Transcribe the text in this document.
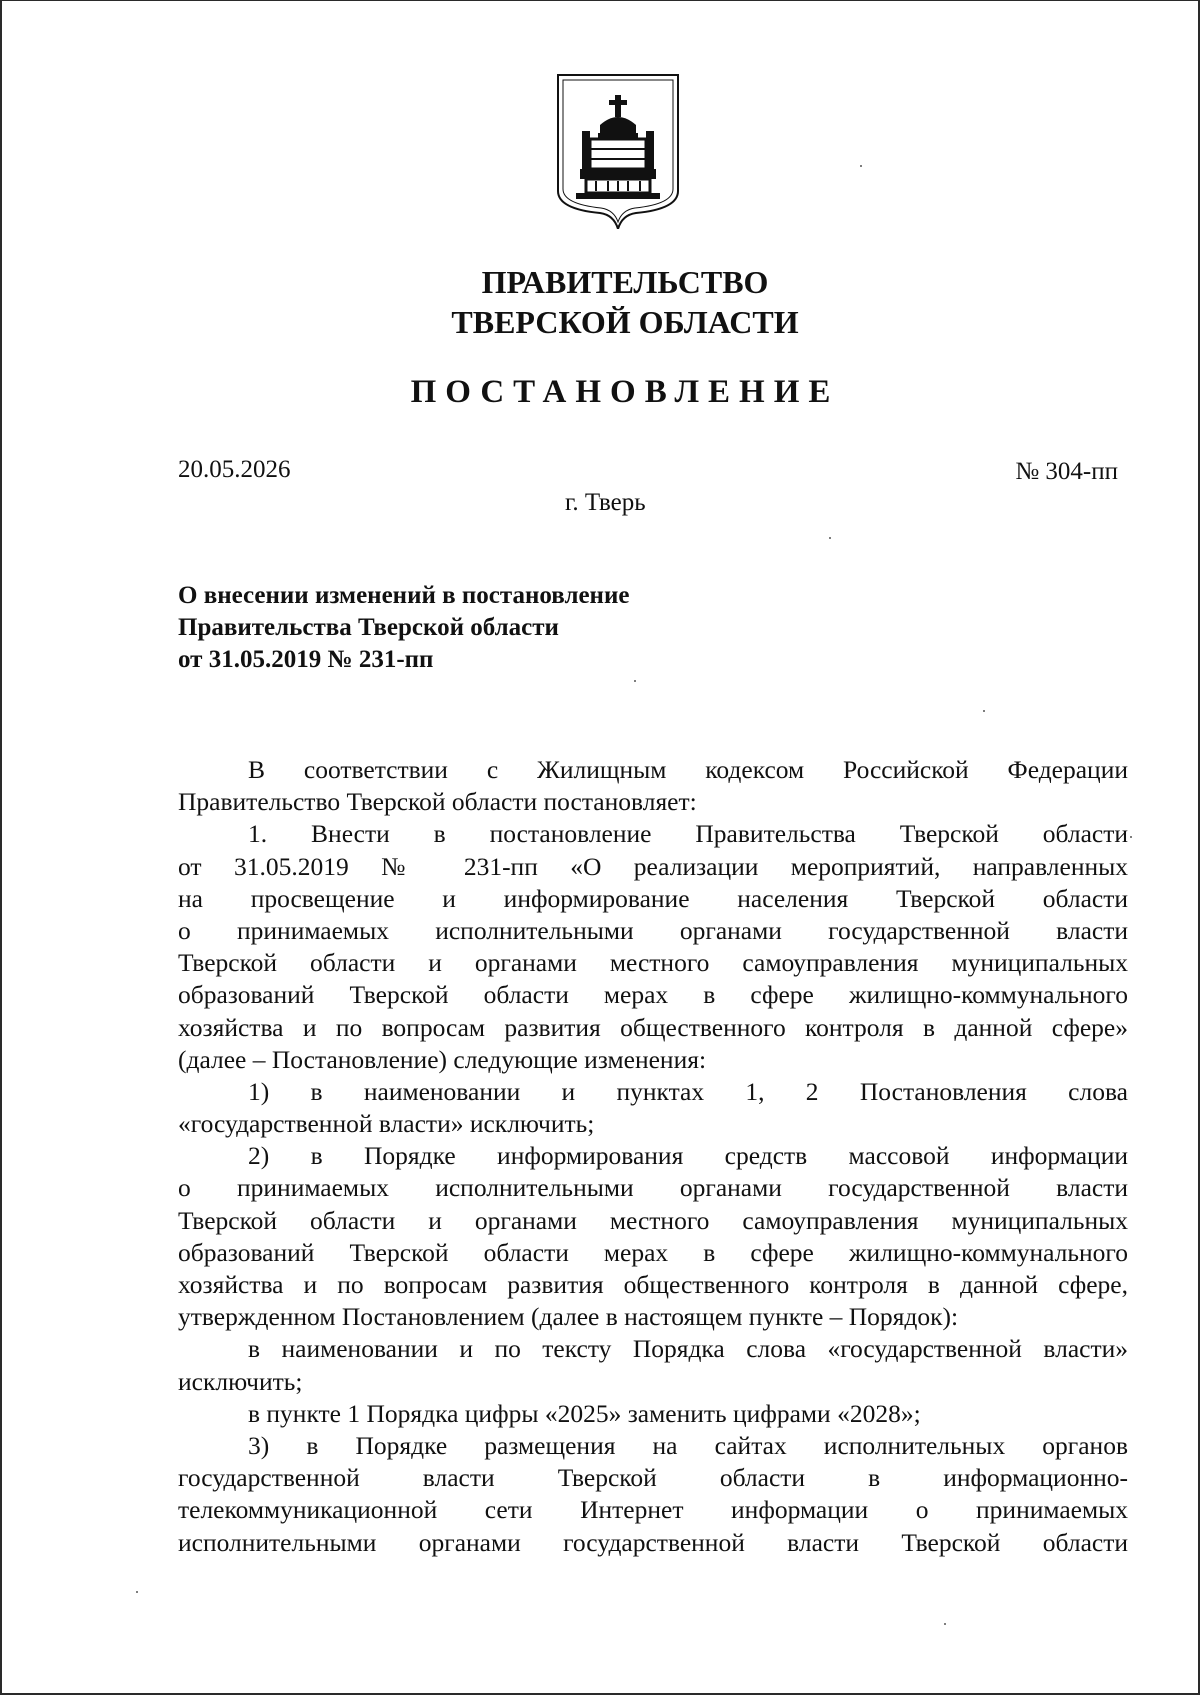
ПРАВИТЕЛЬСТВО
ТВЕРСКОЙ ОБЛАСТИ
ПОСТАНОВЛЕНИЕ
20.05.2026	№ 304-пп
г. Тверь
О внесении изменений в постановление
Правительства Тверской области
от 31.05.2019 № 231-пп
В соответствии с Жилищным кодексом Российской Федерации
Правительство Тверской области постановляет:
1. Внести в постановление Правительства Тверской области
от 31.05.2019 № 231-пп «О реализации мероприятий, направленных
на просвещение и информирование населения Тверской области
о принимаемых исполнительными органами государственной власти
Тверской области и органами местного самоуправления муниципальных
образований Тверской области мерах в сфере жилищно-коммунального
хозяйства и по вопросам развития общественного контроля в данной сфере»
(далее – Постановление) следующие изменения:
1) в наименовании и пунктах 1, 2 Постановления слова
«государственной власти» исключить;
2) в Порядке информирования средств массовой информации
о принимаемых исполнительными органами государственной власти
Тверской области и органами местного самоуправления муниципальных
образований Тверской области мерах в сфере жилищно-коммунального
хозяйства и по вопросам развития общественного контроля в данной сфере,
утвержденном Постановлением (далее в настоящем пункте – Порядок):
в наименовании и по тексту Порядка слова «государственной власти»
исключить;
в пункте 1 Порядка цифры «2025» заменить цифрами «2028»;
3) в Порядке размещения на сайтах исполнительных органов
государственной власти Тверской области в информационно-
телекоммуникационной сети Интернет информации о принимаемых
исполнительными органами государственной власти Тверской области
